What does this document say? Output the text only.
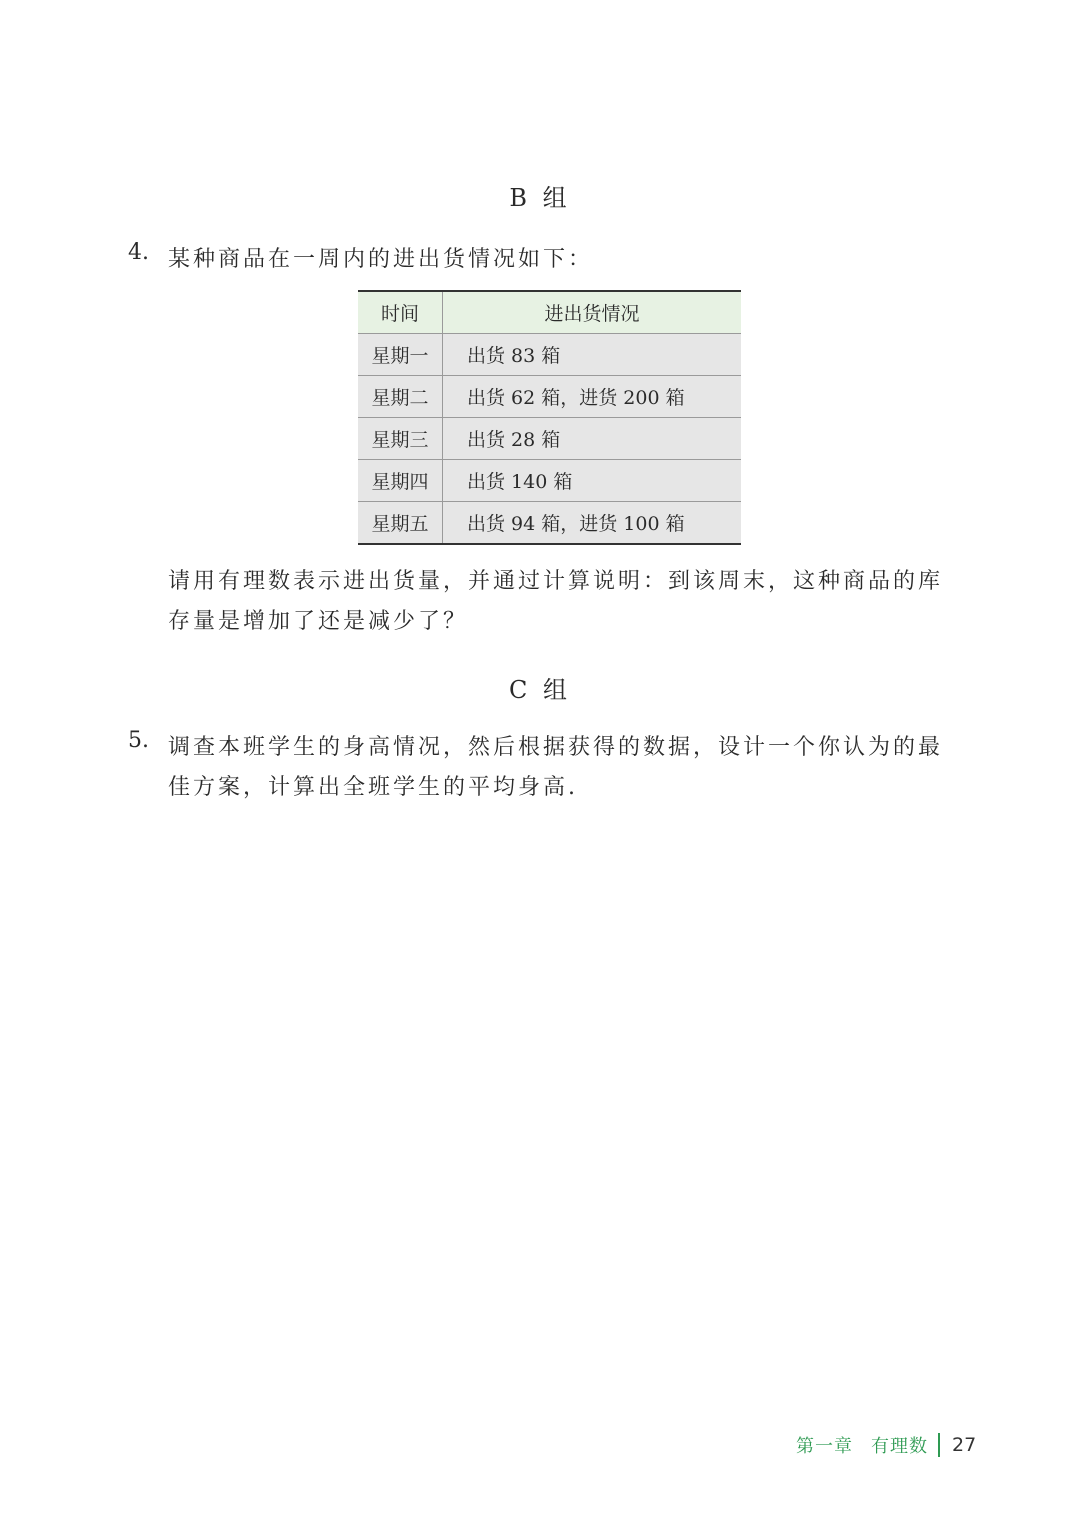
B 组
4. 某种商品在一周内的进出货情况如下：
时间	进出货情况
星期一	出货 83 箱
星期二	出货 62 箱，进货 200 箱
星期三	出货 28 箱
星期四	出货 140 箱
星期五	出货 94 箱，进货 100 箱
请用有理数表示进出货量，并通过计算说明：到该周末，这种商品的库存量是增加了还是减少了？
C 组
5. 调查本班学生的身高情况，然后根据获得的数据，设计一个你认为的最佳方案，计算出全班学生的平均身高.
第一章 有理数 27
